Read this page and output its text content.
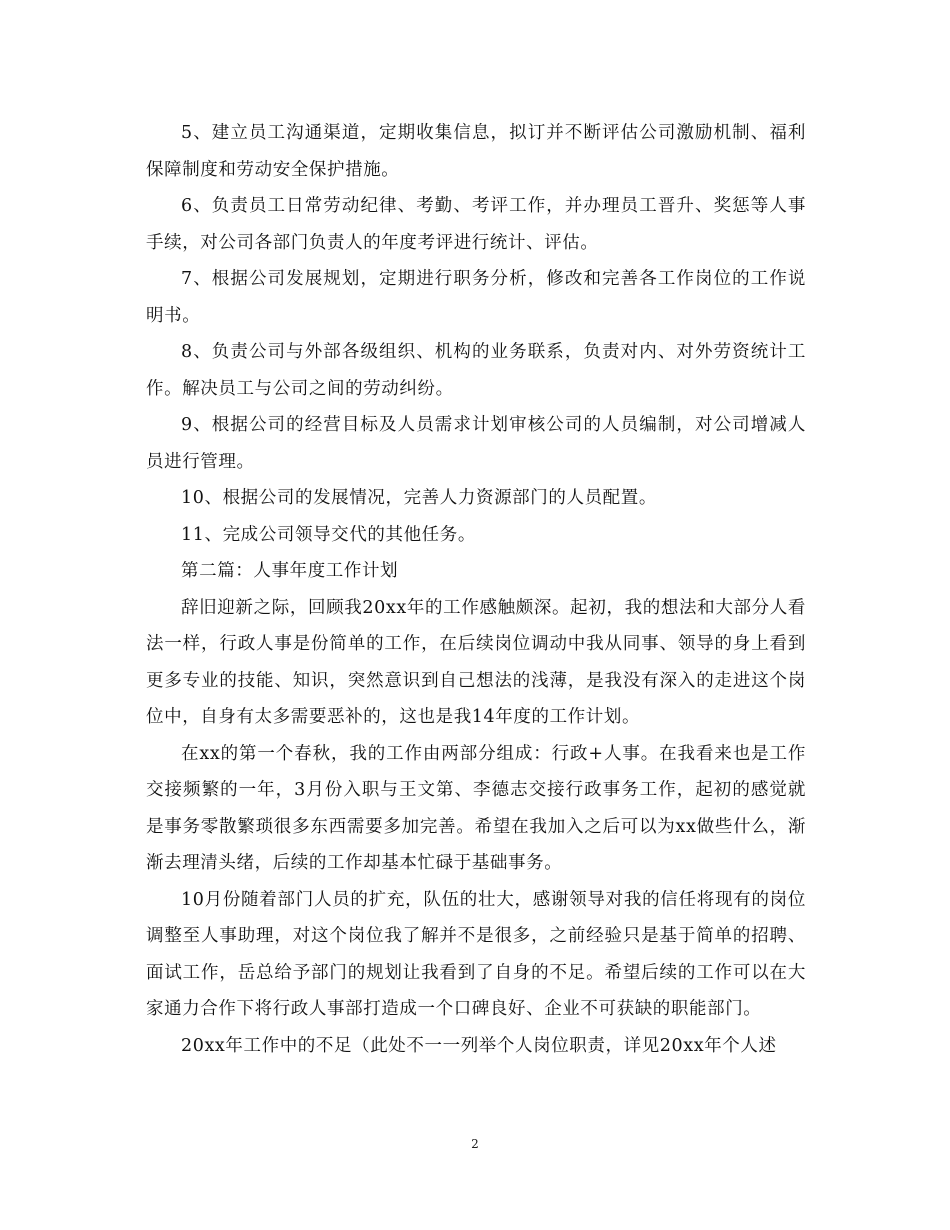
5、建立员工沟通渠道，定期收集信息，拟订并不断评估公司激励机制、福利保障制度和劳动安全保护措施。

6、负责员工日常劳动纪律、考勤、考评工作，并办理员工晋升、奖惩等人事手续，对公司各部门负责人的年度考评进行统计、评估。

7、根据公司发展规划，定期进行职务分析，修改和完善各工作岗位的工作说明书。

8、负责公司与外部各级组织、机构的业务联系，负责对内、对外劳资统计工作。解决员工与公司之间的劳动纠纷。

9、根据公司的经营目标及人员需求计划审核公司的人员编制，对公司增减人员进行管理。

10、根据公司的发展情况，完善人力资源部门的人员配置。

11、完成公司领导交代的其他任务。

第二篇：人事年度工作计划

辞旧迎新之际，回顾我20xx年的工作感触颇深。起初，我的想法和大部分人看法一样，行政人事是份简单的工作，在后续岗位调动中我从同事、领导的身上看到更多专业的技能、知识，突然意识到自己想法的浅薄，是我没有深入的走进这个岗位中，自身有太多需要恶补的，这也是我14年度的工作计划。

在xx的第一个春秋，我的工作由两部分组成：行政+人事。在我看来也是工作交接频繁的一年，3月份入职与王文第、李德志交接行政事务工作，起初的感觉就是事务零散繁琐很多东西需要多加完善。希望在我加入之后可以为xx做些什么，渐渐去理清头绪，后续的工作却基本忙碌于基础事务。

10月份随着部门人员的扩充，队伍的壮大，感谢领导对我的信任将现有的岗位调整至人事助理，对这个岗位我了解并不是很多，之前经验只是基于简单的招聘、面试工作，岳总给予部门的规划让我看到了自身的不足。希望后续的工作可以在大家通力合作下将行政人事部打造成一个口碑良好、企业不可获缺的职能部门。

20xx年工作中的不足（此处不一一列举个人岗位职责，详见20xx年个人述

2
